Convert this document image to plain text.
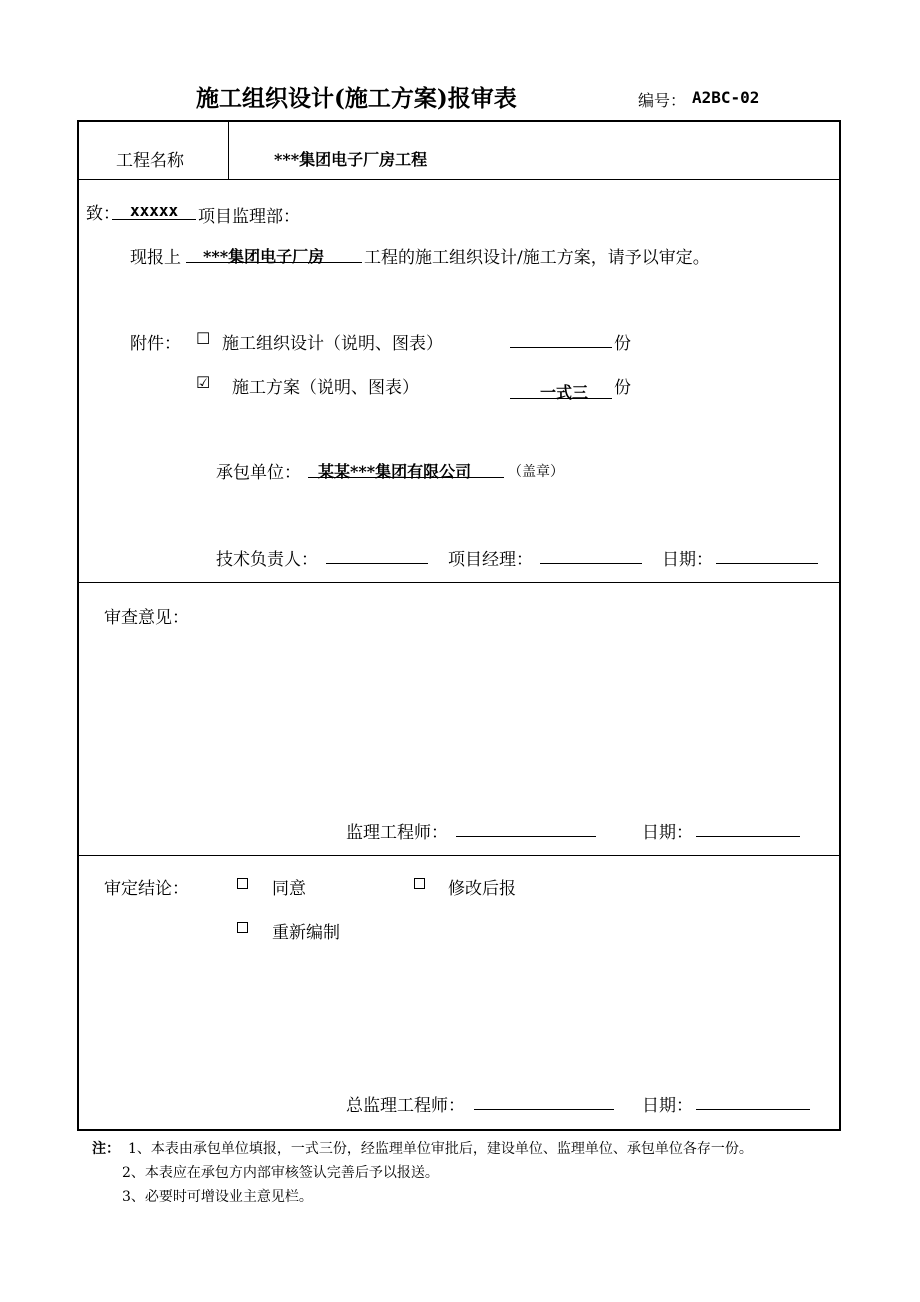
施工组织设计(施工方案)报审表	编号： A2BC-02
工程名称	***集团电子厂房工程
致： xxxxx 项目监理部：
现报上 ***集团电子厂房 工程的施工组织设计/施工方案，请予以审定。
附件： ☐ 施工组织设计（说明、图表）	份
☑ 施工方案（说明、图表）	一式三 份
承包单位： 某某***集团有限公司	（盖章）
技术负责人：	项目经理：	日期：
审查意见：
监理工程师：	日期：
审定结论：	同意	修改后报
重新编制
总监理工程师：	日期：
注： 1、本表由承包单位填报，一式三份，经监理单位审批后，建设单位、监理单位、承包单位各存一份。
2、本表应在承包方内部审核签认完善后予以报送。
3、必要时可增设业主意见栏。
